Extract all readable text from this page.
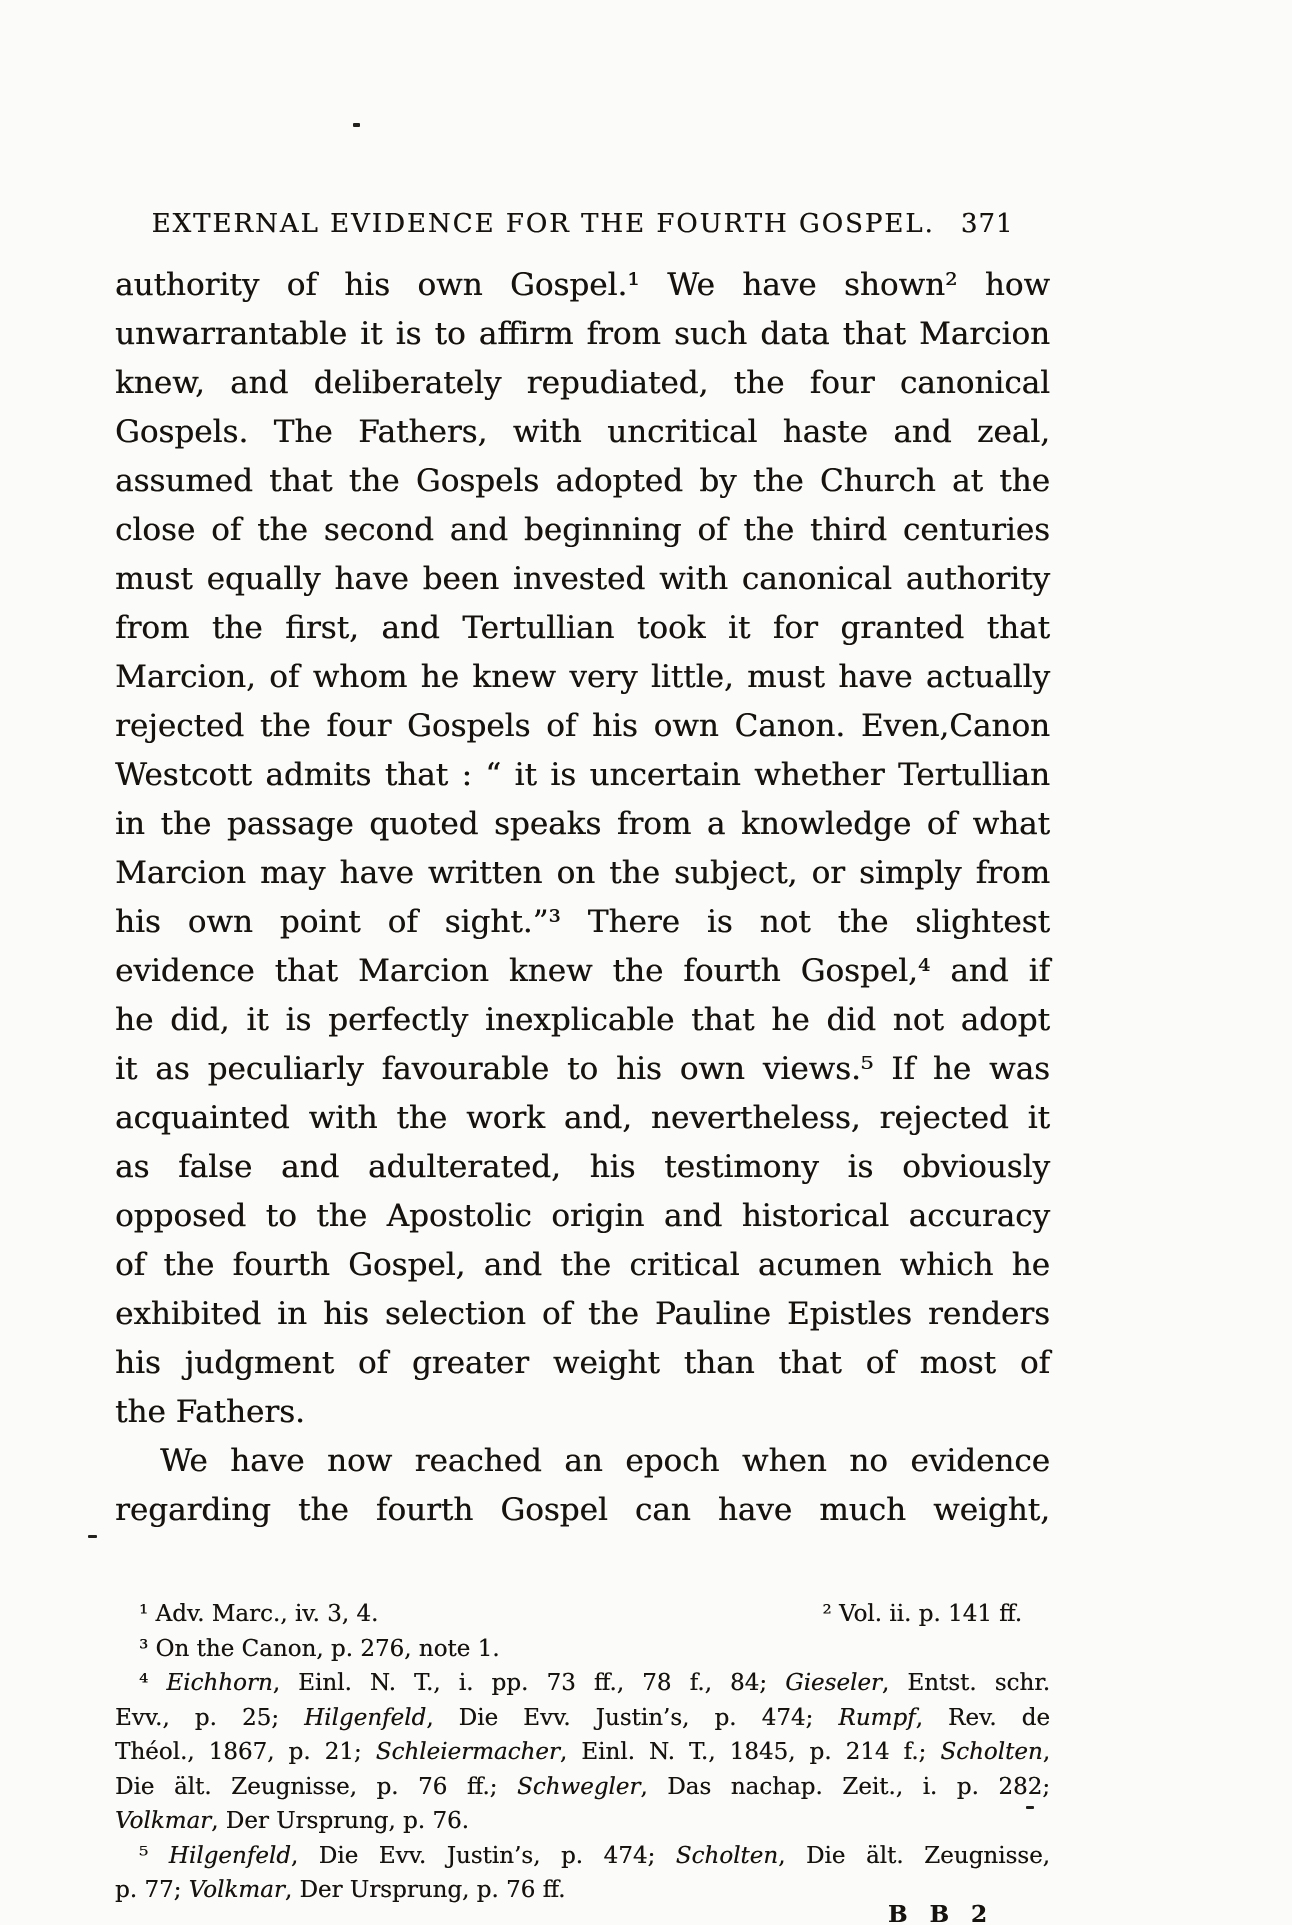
EXTERNAL EVIDENCE FOR THE FOURTH GOSPEL. 371
authority of his own Gospel.¹ We have shown² how
unwarrantable it is to affirm from such data that Marcion
knew, and deliberately repudiated, the four canonical
Gospels. The Fathers, with uncritical haste and zeal,
assumed that the Gospels adopted by the Church at the
close of the second and beginning of the third centuries
must equally have been invested with canonical authority
from the first, and Tertullian took it for granted that
Marcion, of whom he knew very little, must have actually
rejected the four Gospels of his own Canon. Even,Canon
Westcott admits that : “ it is uncertain whether Tertullian
in the passage quoted speaks from a knowledge of what
Marcion may have written on the subject, or simply from
his own point of sight.”³ There is not the slightest
evidence that Marcion knew the fourth Gospel,⁴ and if
he did, it is perfectly inexplicable that he did not adopt
it as peculiarly favourable to his own views.⁵ If he was
acquainted with the work and, nevertheless, rejected it
as false and adulterated, his testimony is obviously
opposed to the Apostolic origin and historical accuracy
of the fourth Gospel, and the critical acumen which he
exhibited in his selection of the Pauline Epistles renders
his judgment of greater weight than that of most of
the Fathers.
We have now reached an epoch when no evidence
regarding the fourth Gospel can have much weight,
¹ Adv. Marc., iv. 3, 4.	² Vol. ii. p. 141 ff.
³ On the Canon, p. 276, note 1.
⁴ Eichhorn, Einl. N. T., i. pp. 73 ff., 78 f., 84; Gieseler, Entst. schr.
Evv., p. 25; Hilgenfeld, Die Evv. Justin’s, p. 474; Rumpf, Rev. de
Théol., 1867, p. 21; Schleiermacher, Einl. N. T., 1845, p. 214 f.; Scholten,
Die ält. Zeugnisse, p. 76 ff.; Schwegler, Das nachap. Zeit., i. p. 282;
Volkmar, Der Ursprung, p. 76.
⁵ Hilgenfeld, Die Evv. Justin’s, p. 474; Scholten, Die ält. Zeugnisse,
p. 77; Volkmar, Der Ursprung, p. 76 ff.
B B 2
